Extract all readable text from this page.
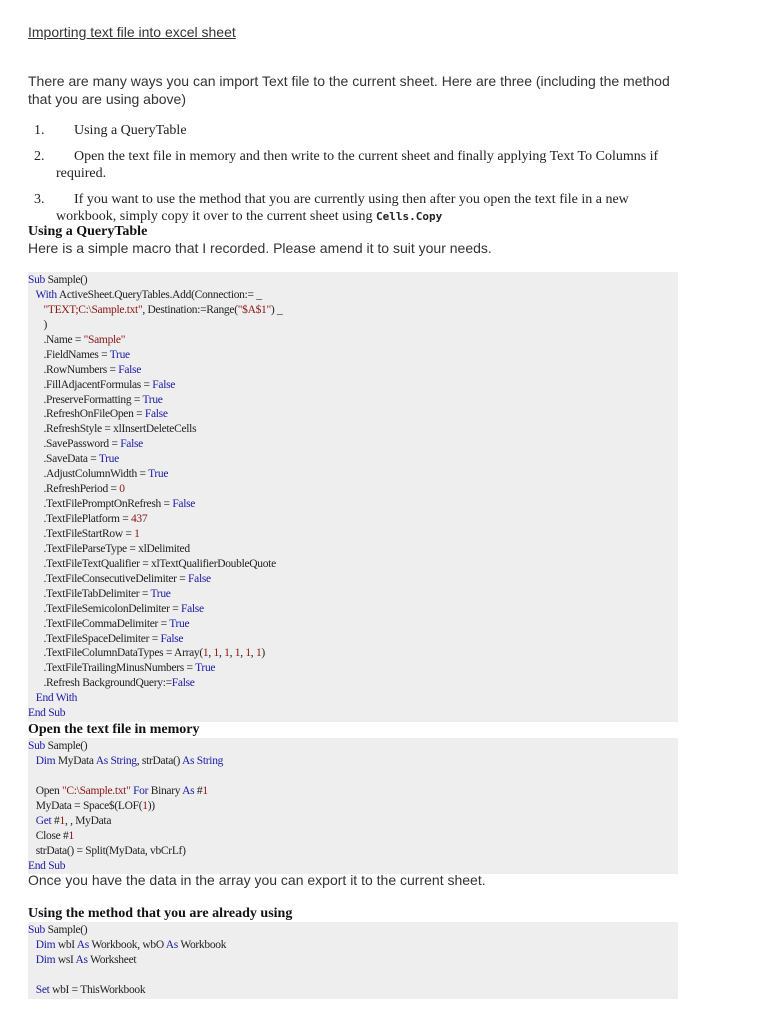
Importing text file into excel sheet
There are many ways you can import Text file to the current sheet. Here are three (including the method that you are using above)
1. Using a QueryTable
2. Open the text file in memory and then write to the current sheet and finally applying Text To Columns if required.
3. If you want to use the method that you are currently using then after you open the text file in a new workbook, simply copy it over to the current sheet using Cells.Copy
Using a QueryTable
Here is a simple macro that I recorded. Please amend it to suit your needs.
Sub Sample()
With ActiveSheet.QueryTables.Add(Connection:= _
"TEXT;C:\Sample.txt", Destination:=Range("$A$1") _
)
.Name = "Sample"
.FieldNames = True
.RowNumbers = False
.FillAdjacentFormulas = False
.PreserveFormatting = True
.RefreshOnFileOpen = False
.RefreshStyle = xlInsertDeleteCells
.SavePassword = False
.SaveData = True
.AdjustColumnWidth = True
.RefreshPeriod = 0
.TextFilePromptOnRefresh = False
.TextFilePlatform = 437
.TextFileStartRow = 1
.TextFileParseType = xlDelimited
.TextFileTextQualifier = xlTextQualifierDoubleQuote
.TextFileConsecutiveDelimiter = False
.TextFileTabDelimiter = True
.TextFileSemicolonDelimiter = False
.TextFileCommaDelimiter = True
.TextFileSpaceDelimiter = False
.TextFileColumnDataTypes = Array(1, 1, 1, 1, 1, 1)
.TextFileTrailingMinusNumbers = True
.Refresh BackgroundQuery:=False
End With
End Sub
Open the text file in memory
Sub Sample()
Dim MyData As String, strData() As String

Open "C:\Sample.txt" For Binary As #1
MyData = Space$(LOF(1))
Get #1, , MyData
Close #1
strData() = Split(MyData, vbCrLf)
End Sub
Once you have the data in the array you can export it to the current sheet.
Using the method that you are already using
Sub Sample()
Dim wbI As Workbook, wbO As Workbook
Dim wsI As Worksheet

Set wbI = ThisWorkbook
